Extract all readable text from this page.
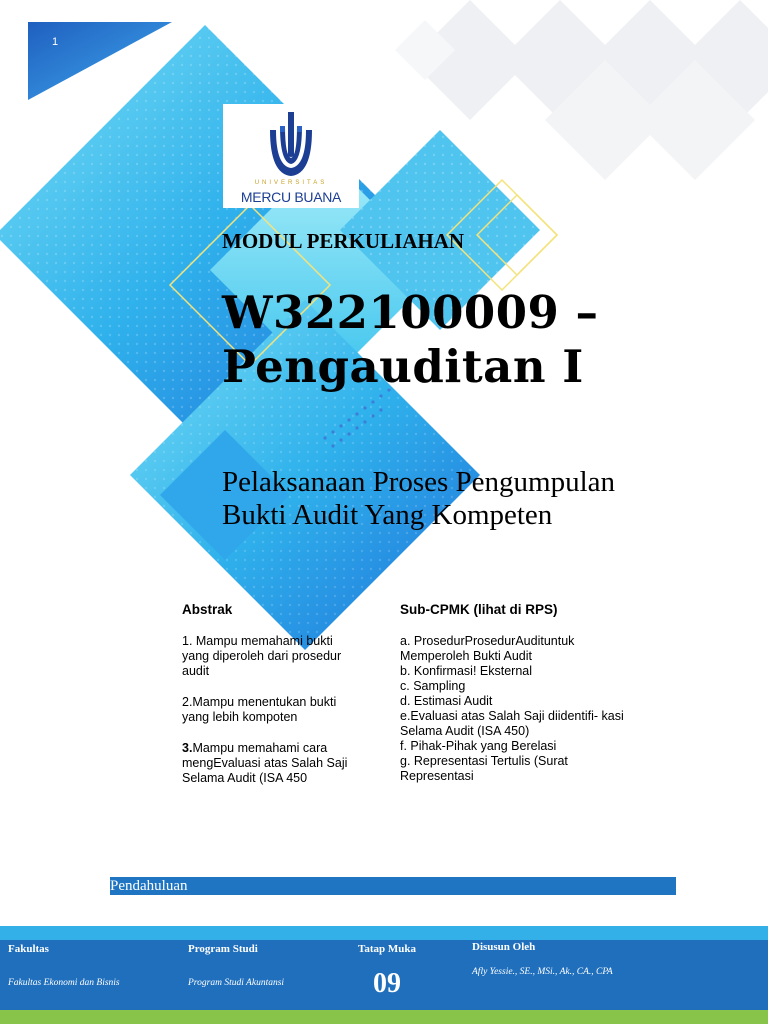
1
UNIVERSITAS
MERCU BUANA
MODUL PERKULIAHAN
W322100009 –
Pengauditan I
Pelaksanaan Proses Pengumpulan
Bukti Audit Yang Kompeten
Abstrak
1. Mampu memahami bukti
yang diperoleh dari prosedur
audit
2.Mampu menentukan bukti
yang lebih kompoten
3.Mampu memahami cara
mengEvaluasi atas Salah Saji
Selama Audit (ISA 450
Sub-CPMK (lihat di RPS)
a. ProsedurProsedurAudituntuk
Memperoleh Bukti Audit
b. Konfirmasi! Eksternal
c. Sampling
d. Estimasi Audit
e.Evaluasi atas Salah Saji diidentifi- kasi
Selama Audit (ISA 450)
f. Pihak-Pihak yang Berelasi
g. Representasi Tertulis (Surat
Representasi
Pendahuluan
Fakultas
Fakultas Ekonomi dan Bisnis
Program Studi
Program Studi Akuntansi
Tatap Muka
09
Disusun Oleh
Afly Yessie., SE., MSi., Ak., CA., CPA
